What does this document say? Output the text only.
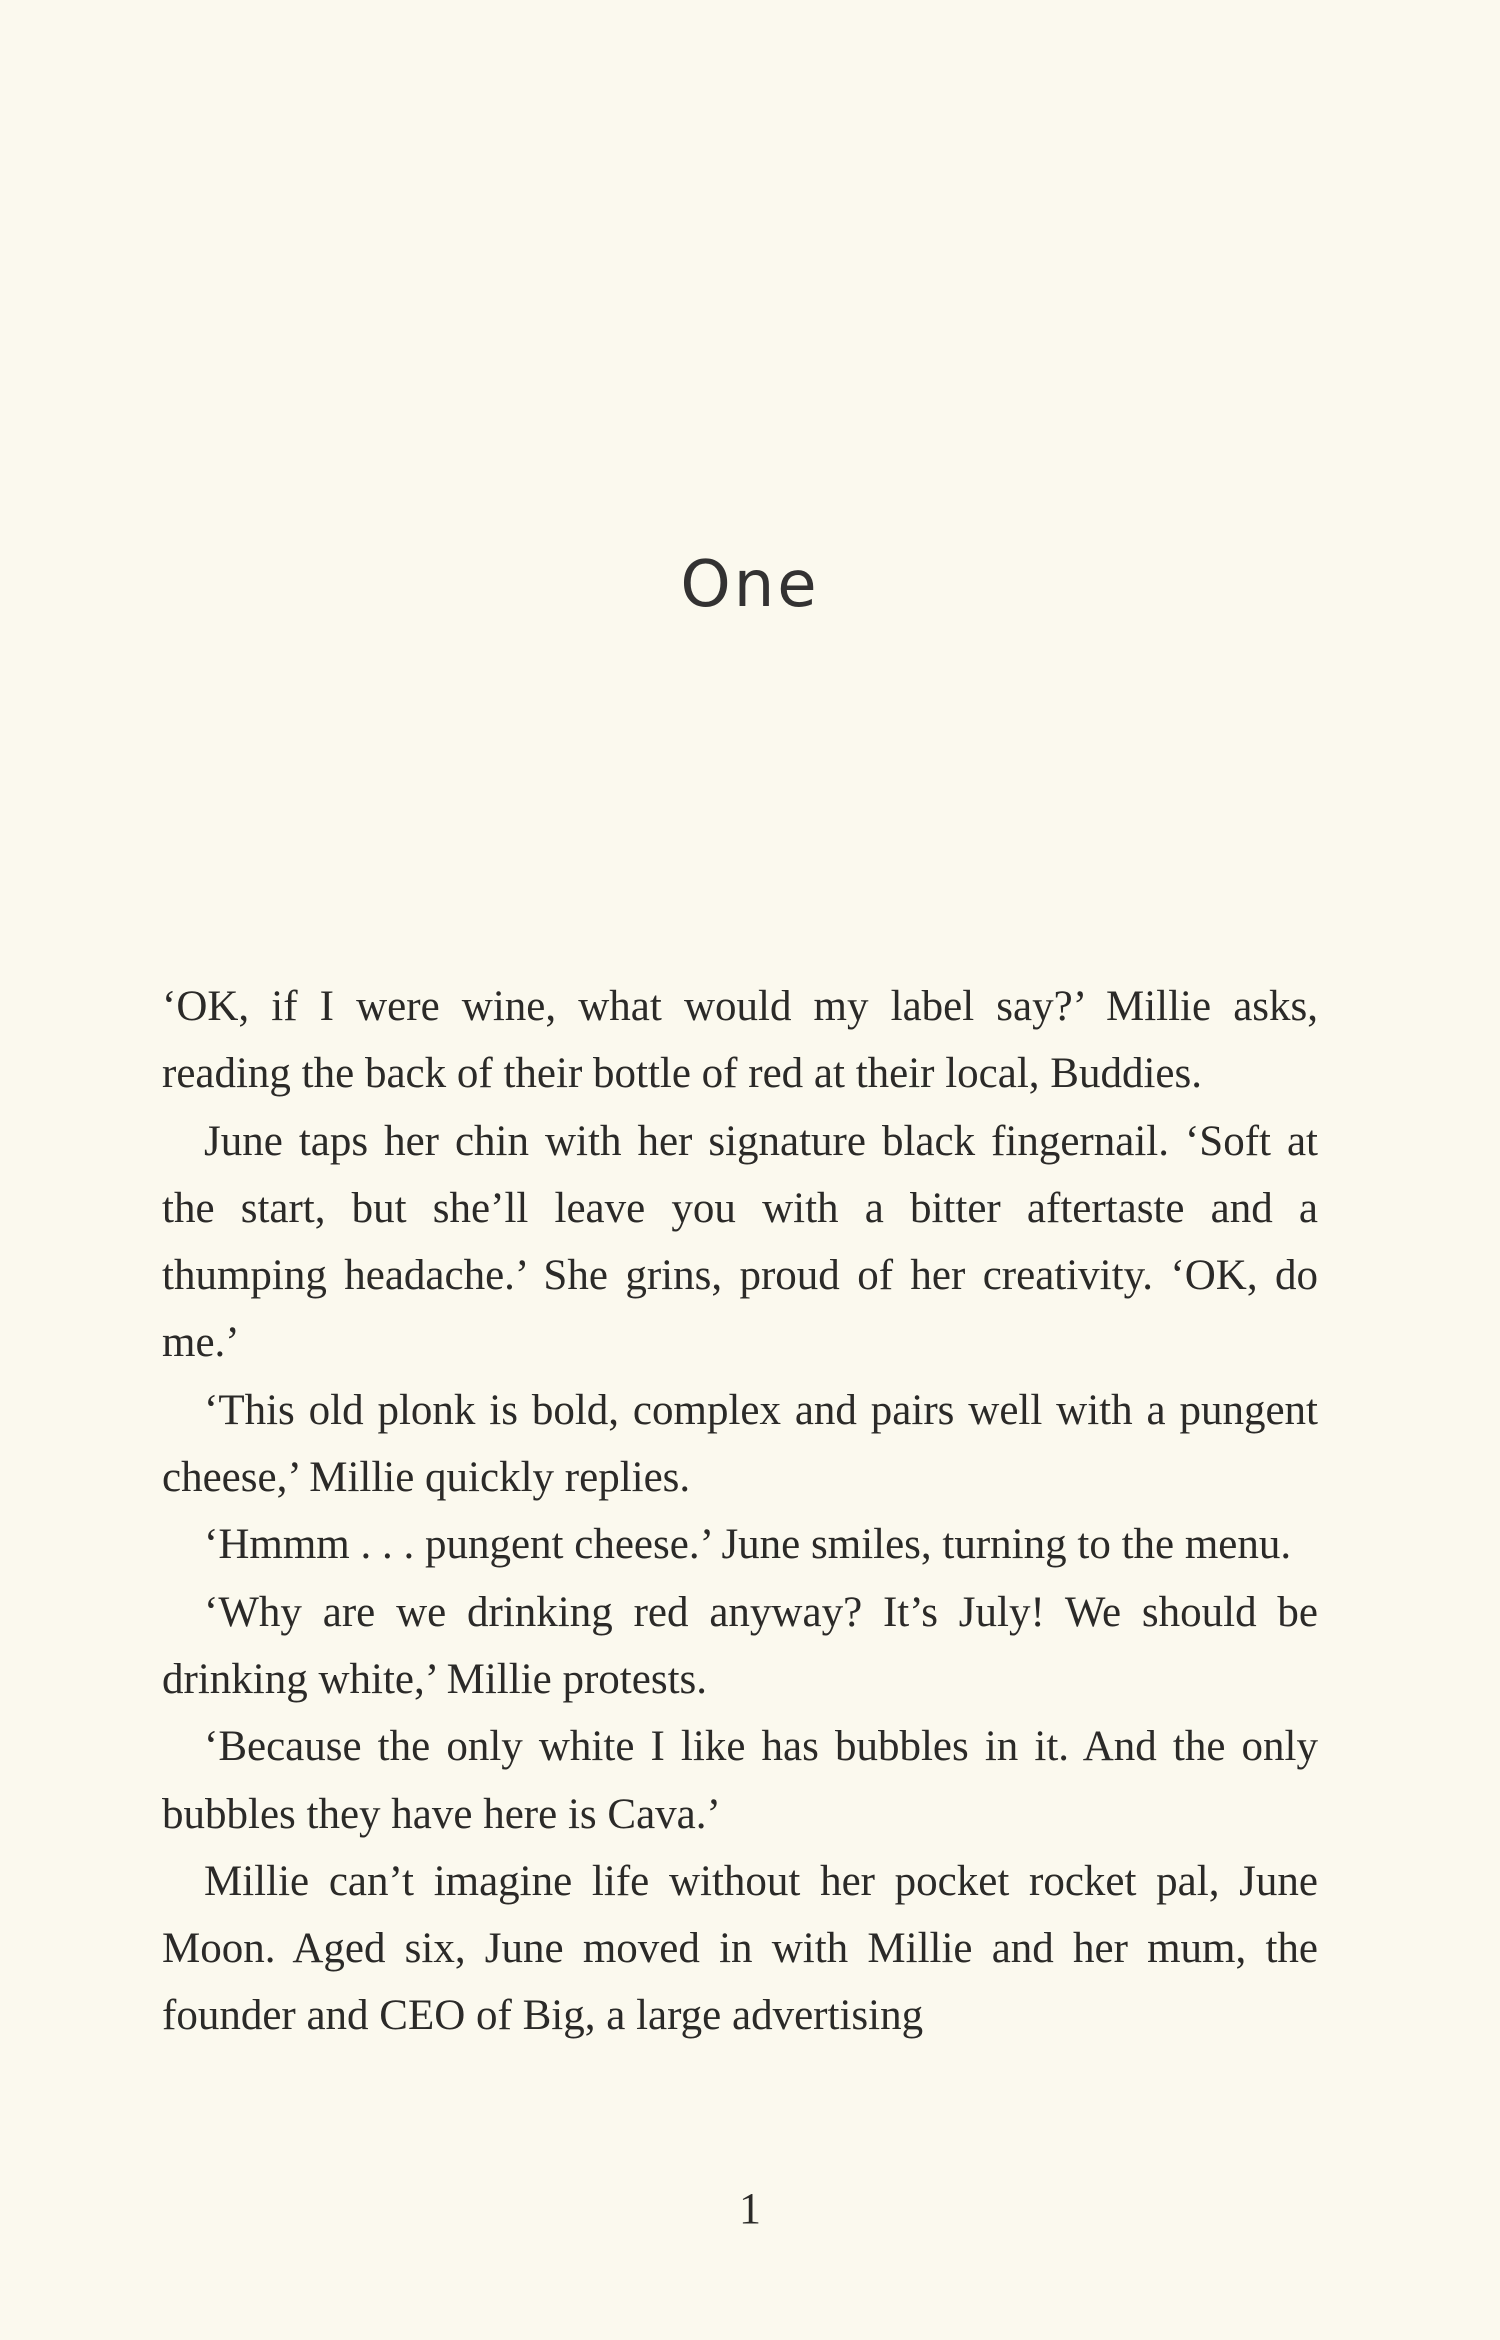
One

‘OK, if I were wine, what would my label say?’ Millie asks, reading the back of their bottle of red at their local, Buddies.

June taps her chin with her signature black fingernail. ‘Soft at the start, but she’ll leave you with a bitter aftertaste and a thumping headache.’ She grins, proud of her creativity. ‘OK, do me.’

‘This old plonk is bold, complex and pairs well with a pungent cheese,’ Millie quickly replies.

‘Hmmm . . . pungent cheese.’ June smiles, turning to the menu.

‘Why are we drinking red anyway? It’s July! We should be drinking white,’ Millie protests.

‘Because the only white I like has bubbles in it. And the only bubbles they have here is Cava.’

Millie can’t imagine life without her pocket rocket pal, June Moon. Aged six, June moved in with Millie and her mum, the founder and CEO of Big, a large advertising

1
